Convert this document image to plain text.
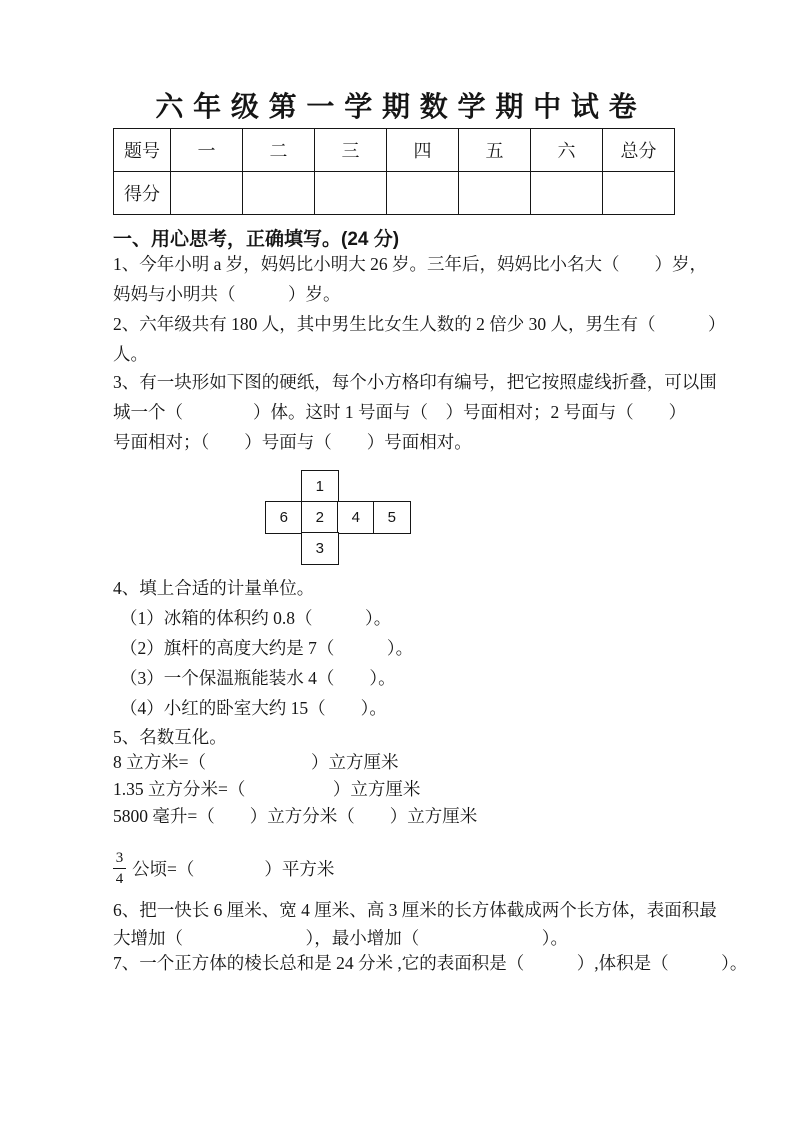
六 年 级 第 一 学 期 数 学 期 中 试 卷
题号	一	二	三	四	五	六	总分
得分							
一、用心思考，正确填写。(24 分)
1、今年小明 a 岁，妈妈比小明大 26 岁。三年后，妈妈比小名大（　　）岁，
妈妈与小明共（　　　）岁。
2、六年级共有 180 人，其中男生比女生人数的 2 倍少 30 人，男生有（　　　）
人。
3、有一块形如下图的硬纸，每个小方格印有编号，把它按照虚线折叠，可以围
城一个（　　　　）体。这时 1 号面与（　）号面相对；2 号面与（　　）
号面相对；（　　）号面与（　　）号面相对。
1
6	2	4	5
3
4、填上合适的计量单位。
（1）冰箱的体积约 0.8（　　　）。
（2）旗杆的高度大约是 7（　　　）。
（3）一个保温瓶能装水 4（　　）。
（4）小红的卧室大约 15（　　）。
5、名数互化。
8 立方米=（　　　　　　）立方厘米
1.35 立方分米=（　　　　　）立方厘米
5800 毫升=（　　）立方分米（　　）立方厘米
$\frac{3}{4}$ 公顷=（　　　　）平方米
6、把一快长 6 厘米、宽 4 厘米、高 3 厘米的长方体截成两个长方体，表面积最
大增加（　　　　　　　），最小增加（　　　　　　　）。
7、一个正方体的棱长总和是 24 分米 ,它的表面积是（　　　）,体积是（　　　）。
